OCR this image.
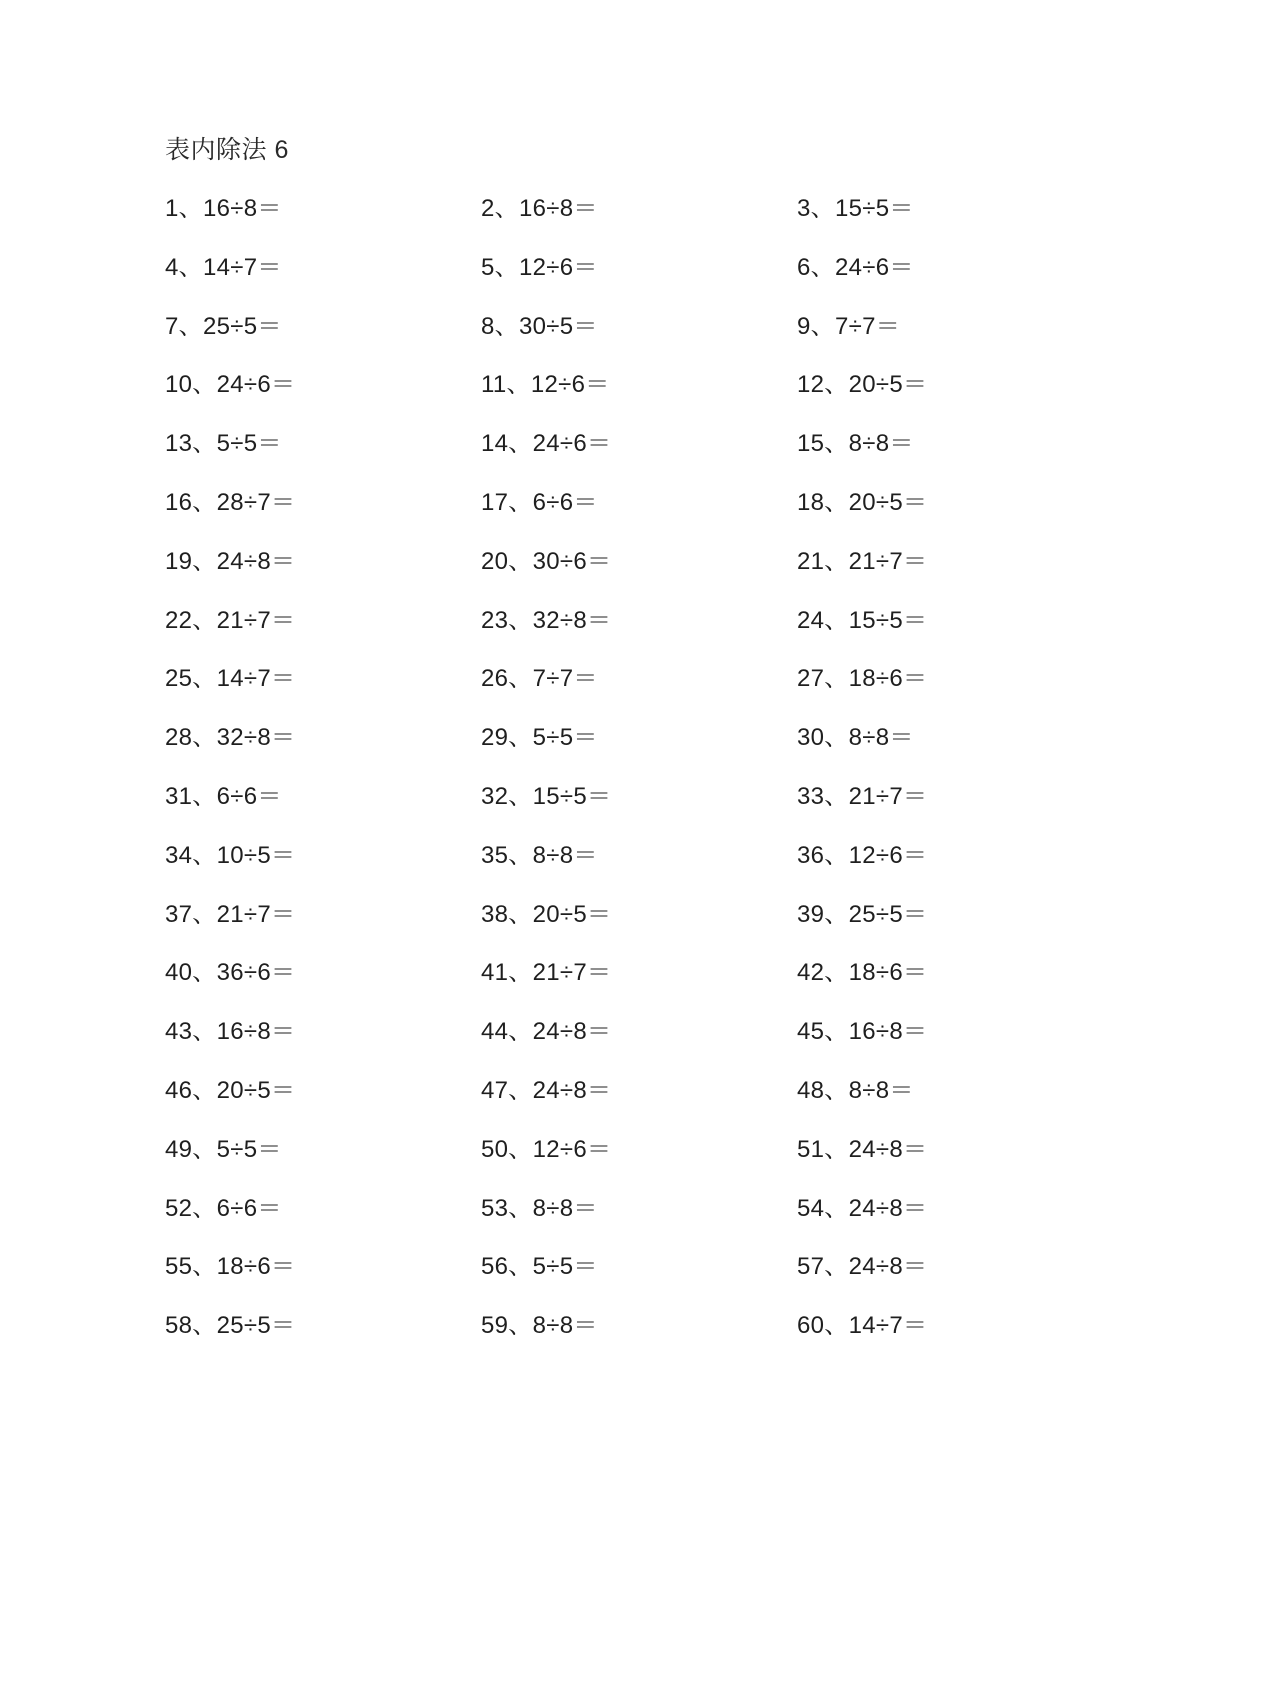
表内除法 6
1、16÷8＝	2、16÷8＝	3、15÷5＝
4、14÷7＝	5、12÷6＝	6、24÷6＝
7、25÷5＝	8、30÷5＝	9、7÷7＝
10、24÷6＝	11、12÷6＝	12、20÷5＝
13、5÷5＝	14、24÷6＝	15、8÷8＝
16、28÷7＝	17、6÷6＝	18、20÷5＝
19、24÷8＝	20、30÷6＝	21、21÷7＝
22、21÷7＝	23、32÷8＝	24、15÷5＝
25、14÷7＝	26、7÷7＝	27、18÷6＝
28、32÷8＝	29、5÷5＝	30、8÷8＝
31、6÷6＝	32、15÷5＝	33、21÷7＝
34、10÷5＝	35、8÷8＝	36、12÷6＝
37、21÷7＝	38、20÷5＝	39、25÷5＝
40、36÷6＝	41、21÷7＝	42、18÷6＝
43、16÷8＝	44、24÷8＝	45、16÷8＝
46、20÷5＝	47、24÷8＝	48、8÷8＝
49、5÷5＝	50、12÷6＝	51、24÷8＝
52、6÷6＝	53、8÷8＝	54、24÷8＝
55、18÷6＝	56、5÷5＝	57、24÷8＝
58、25÷5＝	59、8÷8＝	60、14÷7＝
